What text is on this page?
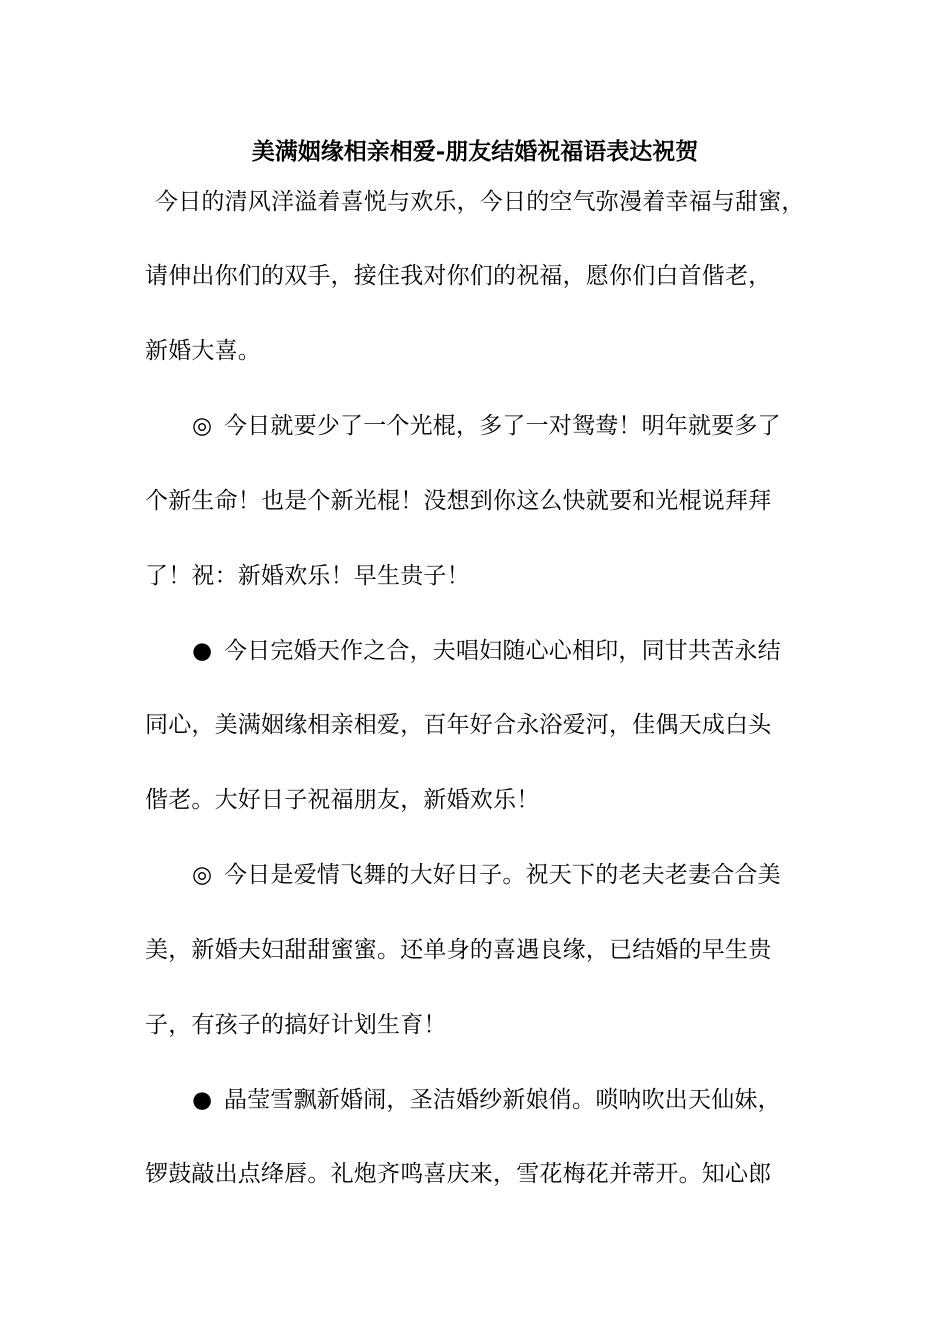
美满姻缘相亲相爱-朋友结婚祝福语表达祝贺
今日的清风洋溢着喜悦与欢乐，今日的空气弥漫着幸福与甜蜜，
请伸出你们的双手，接住我对你们的祝福，愿你们白首偕老，
新婚大喜。
◎ 今日就要少了一个光棍，多了一对鸳鸯！明年就要多了
个新生命！也是个新光棍！没想到你这么快就要和光棍说拜拜
了！祝：新婚欢乐！早生贵子！
● 今日完婚天作之合，夫唱妇随心心相印，同甘共苦永结
同心，美满姻缘相亲相爱，百年好合永浴爱河，佳偶天成白头
偕老。大好日子祝福朋友，新婚欢乐！
◎ 今日是爱情飞舞的大好日子。祝天下的老夫老妻合合美
美，新婚夫妇甜甜蜜蜜。还单身的喜遇良缘，已结婚的早生贵
子，有孩子的搞好计划生育！
● 晶莹雪飘新婚闹，圣洁婚纱新娘俏。唢呐吹出天仙妹，
锣鼓敲出点绛唇。礼炮齐鸣喜庆来，雪花梅花并蒂开。知心郎
